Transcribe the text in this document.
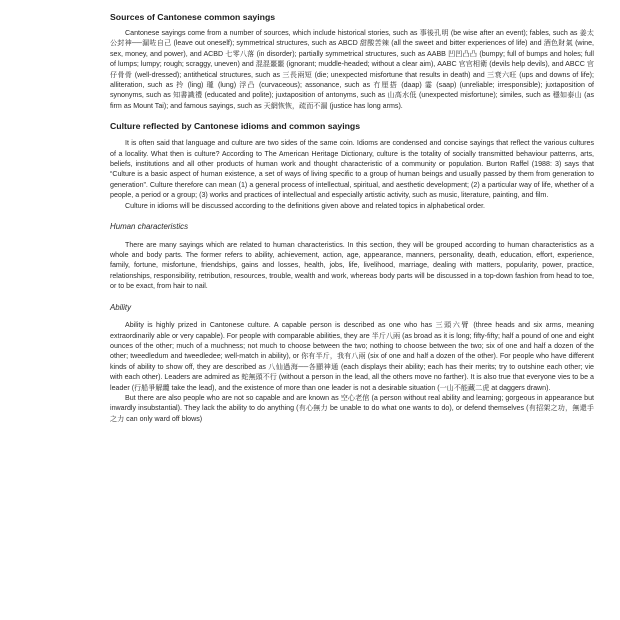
Sources of Cantonese common sayings

Cantonese sayings come from a number of sources, which include historical stories, such as 事後孔明 (be wise after an event); fables, such as 姜太公封神──漏咗自己 (leave out oneself); symmetrical structures, such as ABCD 甜酸苦辣 (all the sweet and bitter experiences of life) and 酒色財氣 (wine, sex, money, and power), and ACBD 七零八落 (in disorder); partially symmetrical structures, such as AABB 凹凹凸凸 (bumpy; full of bumps and holes; full of lumps; lumpy; rough; scraggy, uneven) and 混混噩噩 (ignorant; muddle-headed; without a clear aim), AABC 官官相衛 (devils help devils), and ABCC 官仔骨骨 (well-dressed); antithetical structures, such as 三長兩短 (die; unexpected misfortune that results in death) and 三衰六旺 (ups and downs of life); alliteration, such as 拎 (ling) 瓏 (lung) 浮凸 (curvaceous); assonance, such as 冇厘搭 (daap) 霎 (saap) (unreliable; irresponsible); juxtaposition of synonyms, such as 知書識禮 (educated and polite); juxtaposition of antonyms, such as 山高水低 (unexpected misfortune); similes, such as 穩如泰山 (as firm as Mount Tai); and famous sayings, such as 天網恢恢，疏而不漏 (justice has long arms).

Culture reflected by Cantonese idioms and common sayings

It is often said that language and culture are two sides of the same coin. Idioms are condensed and concise sayings that reflect the various cultures of a locality. What then is culture? According to The American Heritage Dictionary, culture is the totality of socially transmitted behaviour patterns, arts, beliefs, institutions and all other products of human work and thought characteristic of a community or population. Burton Raffel (1988: 3) says that “Culture is a basic aspect of human existence, a set of ways of living specific to a group of human beings and usually passed by them from generation to generation”. Culture therefore can mean (1) a general process of intellectual, spiritual, and aesthetic development; (2) a particular way of life, whether of a people, a period or a group; (3) works and practices of intellectual and especially artistic activity, such as music, literature, painting, and film.

Culture in idioms will be discussed according to the definitions given above and related topics in alphabetical order.

Human characteristics

There are many sayings which are related to human characteristics. In this section, they will be grouped according to human characteristics as a whole and body parts. The former refers to ability, achievement, action, age, appearance, manners, personality, death, education, effort, experience, family, fortune, misfortune, friendships, gains and losses, health, jobs, life, livelihood, marriage, dealing with matters, popularity, power, practice, relationships, responsibility, retribution, resources, trouble, wealth and work, whereas body parts will be discussed in a top-down fashion from head to toe, or to be exact, from hair to nail.

Ability

Ability is highly prized in Cantonese culture. A capable person is described as one who has 三頭六臂 (three heads and six arms, meaning extraordinarily able or very capable). For people with comparable abilities, they are 半斤八兩 (as broad as it is long; fifty-fifty; half a pound of one and eight ounces of the other; much of a muchness; not much to choose between the two; nothing to choose between the two; six of one and half a dozen of the other; tweedledum and tweedledee; well-match in ability), or 你有半斤，我有八兩 (six of one and half a dozen of the other). For people who have different kinds of ability to show off, they are described as 八仙過海──各顯神通 (each displays their ability; each has their merits; try to outshine each other; vie with each other). Leaders are admired as 蛇無頭不行 (without a person in the lead, all the others move no farther). It is also true that everyone vies to be a leader (行船爭解纜 take the lead), and the existence of more than one leader is not a desirable situation (一山不能藏二虎 at daggers drawn).

But there are also people who are not so capable and are known as 空心老倌 (a person without real ability and learning; gorgeous in appearance but inwardly insubstantial). They lack the ability to do anything (有心無力 be unable to do what one wants to do), or defend themselves (有招架之功，無還手之力 can only ward off blows)
